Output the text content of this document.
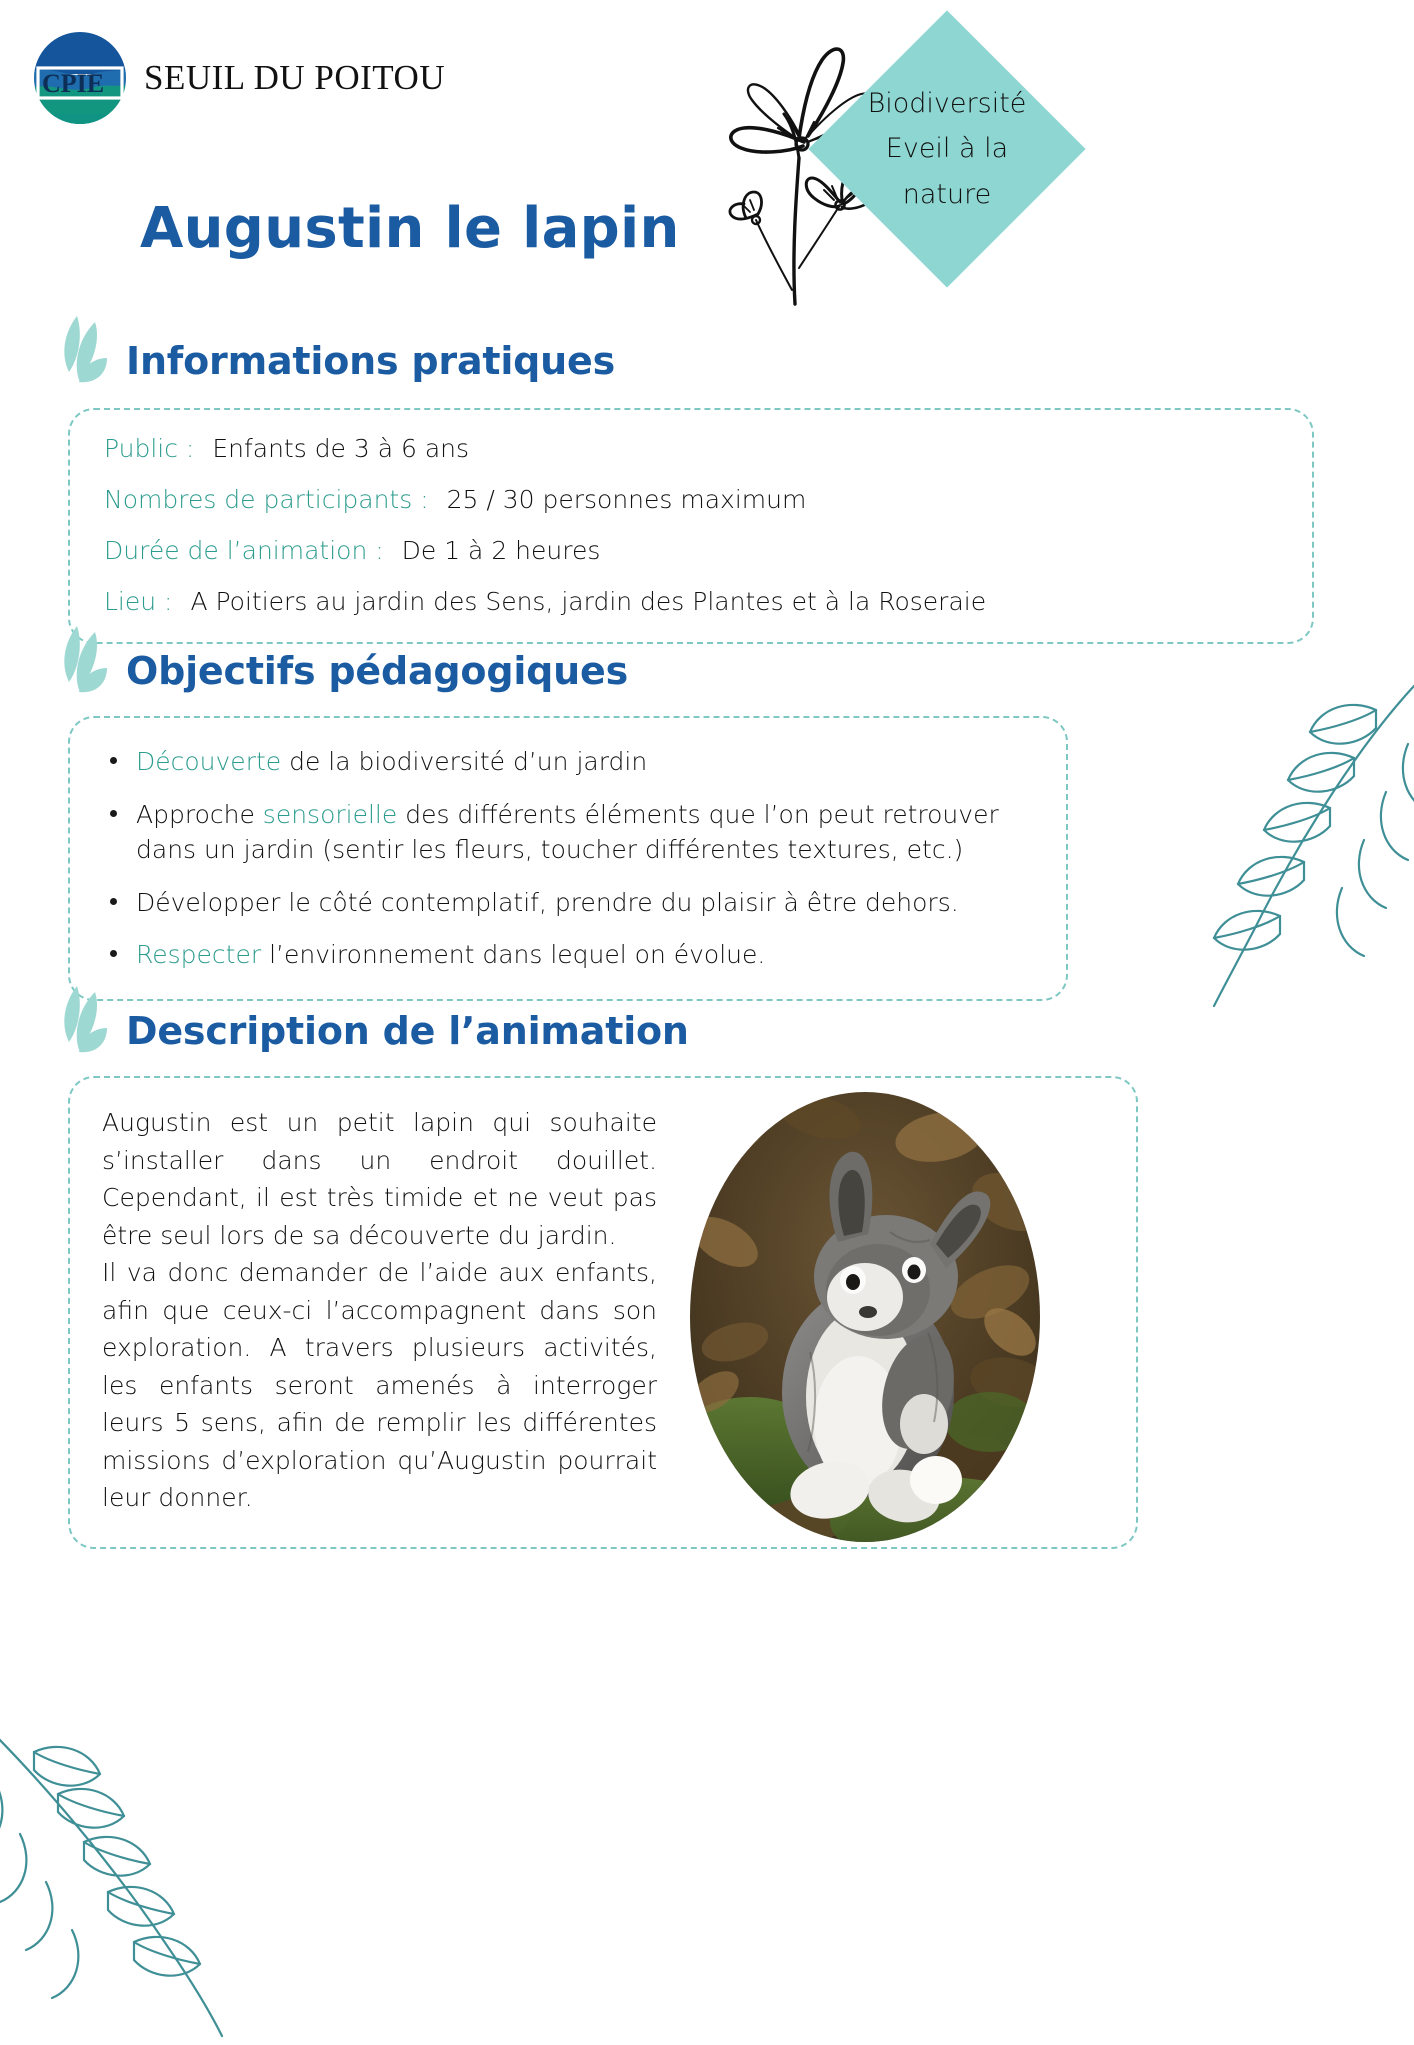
CPIE SEUIL DU POITOU
Biodiversité
Eveil à la
nature
Augustin le lapin
Informations pratiques
Public : Enfants de 3 à 6 ans
Nombres de participants : 25 / 30 personnes maximum
Durée de l’animation : De 1 à 2 heures
Lieu : A Poitiers au jardin des Sens, jardin des Plantes et à la Roseraie
Objectifs pédagogiques
Découverte de la biodiversité d’un jardin
Approche sensorielle des différents éléments que l’on peut retrouver dans un jardin (sentir les fleurs, toucher différentes textures, etc.)
Développer le côté contemplatif, prendre du plaisir à être dehors.
Respecter l’environnement dans lequel on évolue.
Description de l’animation

Augustin est un petit lapin qui souhaite s’installer dans un endroit douillet. Cependant, il est très timide et ne veut pas être seul lors de sa découverte du jardin.

Il va donc demander de l’aide aux enfants, afin que ceux-ci l’accompagnent dans son exploration. A travers plusieurs activités, les enfants seront amenés à interroger leurs 5 sens, afin de remplir les différentes missions d’exploration qu’Augustin pourrait leur donner.
